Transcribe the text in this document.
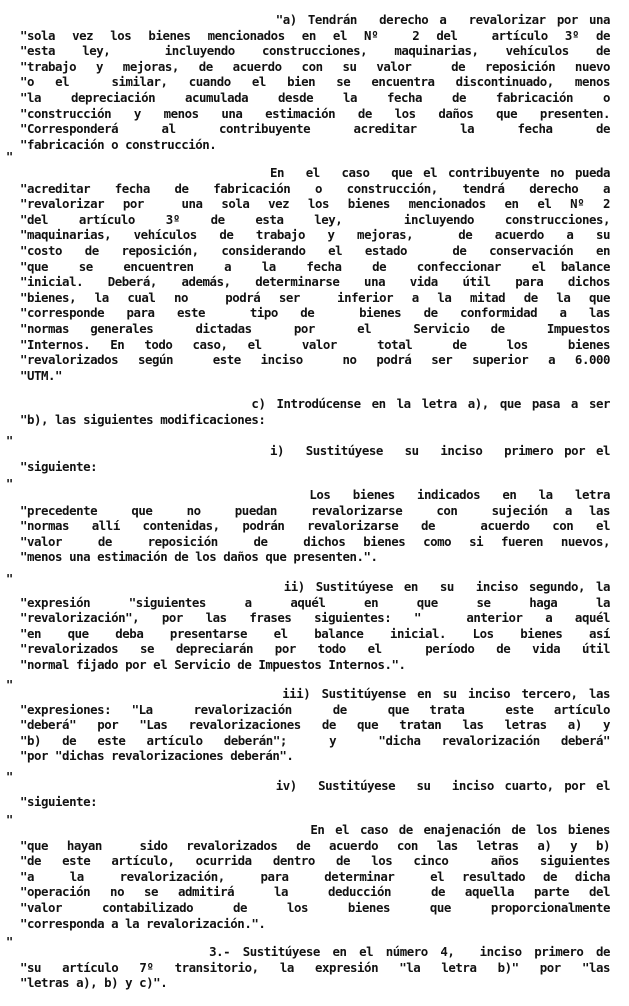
"
"
"
"
"
"
"
"
"a) Tendrán  derecho a  revalorizar por una
"sola vez los bienes mencionados en el Nº  2 del  artículo 3º de
"esta ley,  incluyendo construcciones, maquinarias, vehículos de
"trabajo y mejoras, de acuerdo con su valor  de reposición nuevo
"o el  similar, cuando el bien se encuentra discontinuado, menos
"la depreciación acumulada desde la fecha de fabricación o
"construcción y menos una estimación de los daños que presenten.
"Corresponderá  al  contribuyente  acreditar  la  fecha  de
"fabricación o construcción.
En  el  caso  que el contribuyente no pueda
"acreditar fecha de fabricación o construcción, tendrá derecho a
"revalorizar por  una sola vez los bienes mencionados en el Nº 2
"del artículo 3º de esta ley,  incluyendo construcciones,
"maquinarias, vehículos de trabajo y mejoras,  de acuerdo a su
"costo de reposición, considerando el estado  de conservación en
"que  se  encuentren  a  la  fecha  de  confeccionar  el balance
"inicial. Deberá, además, determinarse una vida útil para dichos
"bienes, la cual no  podrá ser  inferior a la mitad de la que
"corresponde para este  tipo de  bienes de conformidad a las
"normas generales  dictadas  por  el  Servicio de  Impuestos
"Internos. En todo caso, el  valor  total  de  los  bienes
"revalorizados según  este inciso  no podrá ser superior a 6.000
"UTM."
c) Introdúcense en la letra a), que pasa a ser
"b), las siguientes modificaciones:
i)  Sustitúyese  su  inciso  primero por el
"siguiente:
Los  bienes  indicados  en  la  letra
"precedente  que  no  puedan  revalorizarse  con  sujeción a las
"normas allí contenidas, podrán revalorizarse de  acuerdo con el
"valor  de  reposición  de  dichos bienes como si fueren nuevos,
"menos una estimación de los daños que presenten.".
ii) Sustitúyese en  su  inciso segundo, la
"expresión  "siguientes  a  aquél  en  que  se  haga  la
"revalorización", por las frases siguientes: "  anterior a aquél
"en que deba presentarse el balance inicial. Los bienes así
"revalorizados se depreciarán por todo el  período de vida útil
"normal fijado por el Servicio de Impuestos Internos.".
iii) Sustitúyense en su inciso tercero, las
"expresiones: "La  revalorización  de  que trata  este artículo
"deberá" por "Las revalorizaciones de que tratan las letras a) y
"b) de este artículo deberán";  y  "dicha revalorización deberá"
"por "dichas revalorizaciones deberán".
iv)  Sustitúyese  su  inciso cuarto, por el
"siguiente:
En el caso de enajenación de los bienes
"que hayan  sido revalorizados de acuerdo con las letras a) y b)
"de este artículo, ocurrida dentro de los cinco  años siguientes
"a  la  revalorización,  para  determinar  el resultado de dicha
"operación no se admitirá  la  deducción  de aquella parte del
"valor  contabilizado  de  los  bienes  que  proporcionalmente
"corresponda a la revalorización.".
3.- Sustitúyese en el número 4,  inciso primero de
"su artículo 7º transitorio, la expresión "la letra b)" por "las
"letras a), b) y c)".
